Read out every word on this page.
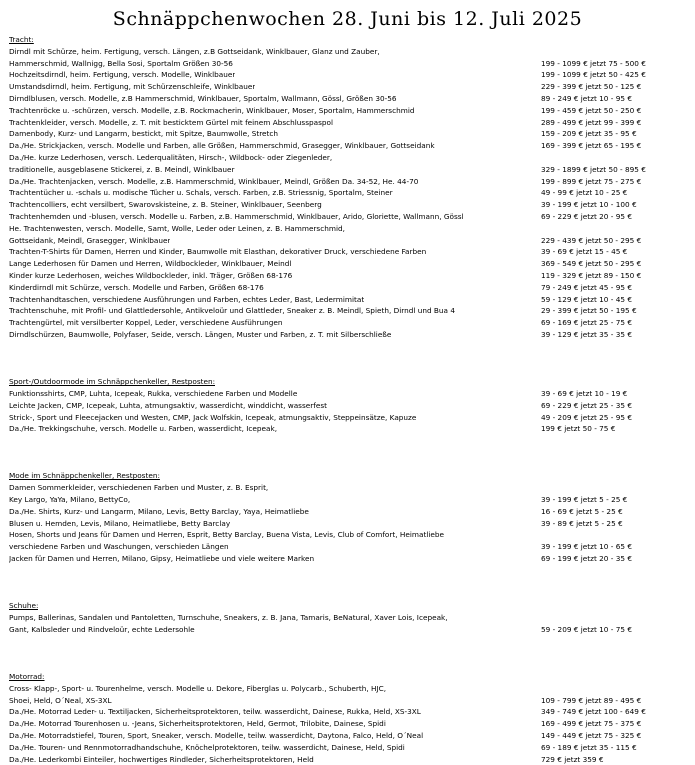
Schnäppchenwochen 28. Juni bis 12. Juli 2025
Tracht:
Dirndl mit Schürze, heim. Fertigung, versch. Längen, z.B Gottseidank, Winklbauer, Glanz und Zauber,
Hammerschmid, Wallnigg, Bella Sosi, Sportalm Größen 30-56	199 - 1099 € jetzt 75 - 500 €
Hochzeitsdirndl, heim. Fertigung, versch. Modelle, Winklbauer	199 - 1099 € jetzt 50 - 425 €
Umstandsdirndl, heim. Fertigung, mit Schürzenschleife, Winklbauer	229 - 399 € jetzt 50 - 125 €
Dirndlblusen, versch. Modelle, z.B Hammerschmid, Winklbauer, Sportalm, Wallmann, Gössl, Größen 30-56	89 - 249 € jetzt 10 - 95 €
Trachtenröcke u. -schürzen, versch. Modelle, z.B. Rockmacherin, Winklbauer, Moser, Sportalm, Hammerschmid	199 - 459 € jetzt 50 - 250 €
Trachtenkleider, versch. Modelle, z. T. mit besticktem Gürtel mit feinem Abschlusspaspol	289 - 499 € jetzt 99 - 399 €
Damenbody, Kurz- und Langarm, bestickt, mit Spitze, Baumwolle, Stretch	159 - 209 € jetzt 35 - 95 €
Da./He. Strickjacken, versch. Modelle und Farben, alle Größen, Hammerschmid, Grasegger, Winklbauer, Gottseidank	169 - 399 € jetzt 65 - 195 €
Da./He. kurze Lederhosen, versch. Lederqualitäten, Hirsch-, Wildbock- oder Ziegenleder,
traditionelle, ausgeblasene Stickerei, z. B. Meindl, Winklbauer	329 - 1899 € jetzt 50 - 895 €
Da./He. Trachtenjacken, versch. Modelle, z.B. Hammerschmid, Winklbauer, Meindl, Größen Da. 34-52, He. 44-70	199 - 899 € jetzt 75 - 275 €
Trachtentücher u. -schals u. modische Tücher u. Schals, versch. Farben, z.B. Striessnig, Sportalm, Steiner	49 - 99 € jetzt 10 - 25 €
Trachtencolliers, echt versilbert, Swarovskisteine, z. B. Steiner, Winklbauer, Seenberg	39 - 199 € jetzt 10 - 100 €
Trachtenhemden und -blusen, versch. Modelle u. Farben, z.B. Hammerschmid, Winklbauer, Arido, Gloriette, Wallmann, Gössl	69 - 229 € jetzt 20 - 95 €
He. Trachtenwesten, versch. Modelle, Samt, Wolle, Leder oder Leinen, z. B. Hammerschmid,
Gottseidank, Meindl, Grasegger, Winklbauer	229 - 439 € jetzt 50 - 295 €
Trachten-T-Shirts für Damen, Herren und Kinder, Baumwolle mit Elasthan, dekorativer Druck, verschiedene Farben	39 - 69 € jetzt 15 - 45 €
Lange Lederhosen für Damen und Herren, Wildbockleder, Winklbauer, Meindl	369 - 549 € jetzt 50 - 295 €
Kinder kurze Lederhosen, weiches Wildbockleder, inkl. Träger, Größen 68-176	119 - 329 € jetzt 89 - 150 €
Kinderdirndl mit Schürze, versch. Modelle und Farben, Größen 68-176	79 - 249 € jetzt 45 - 95 €
Trachtenhandtaschen, verschiedene Ausführungen und Farben, echtes Leder, Bast, Ledermimitat	59 - 129 € jetzt 10 - 45 €
Trachtenschuhe, mit Profil- und Glattledersohle, Antikveloür und Glattleder, Sneaker z. B. Meindl, Spieth, Dirndl und Bua 4	29 - 399 € jetzt 50 - 195 €
Trachtengürtel, mit versilberter Koppel, Leder, verschiedene Ausführungen	69 - 169 € jetzt 25 - 75 €
Dirndlschürzen, Baumwolle, Polyfaser, Seide, versch. Längen, Muster und Farben, z. T. mit Silberschließe	39 - 129 € jetzt 35 - 35 €
Sport-/Outdoormode im Schnäppchenkeller, Restposten:
Funktionsshirts, CMP, Luhta, Icepeak, Rukka, verschiedene Farben und Modelle	39 - 69 € jetzt 10 - 19 €
Leichte Jacken, CMP, Icepeak, Luhta, atmungsaktiv, wasserdicht, winddicht, wasserfest	69 - 229 € jetzt 25 - 35 €
Strick-, Sport und Fleecejacken und Westen, CMP, Jack Wolfskin, Icepeak, atmungsaktiv, Steppeinsätze, Kapuze	49 - 209 € jetzt 25 - 95 €
Da./He. Trekkingschuhe, versch. Modelle u. Farben, wasserdicht, Icepeak,	199 € jetzt 50 - 75 €
Mode im Schnäppchenkeller, Restposten:
Damen Sommerkleider, verschiedenen Farben und Muster, z. B. Esprit,
Key Largo, YaYa, Milano, BettyCo,	39 - 199 € jetzt 5 - 25 €
Da./He. Shirts, Kurz- und Langarm, Milano, Levis, Betty Barclay, Yaya, Heimatliebe	16 - 69 € jetzt 5 - 25 €
Blusen u. Hemden, Levis, Milano, Heimatliebe, Betty Barclay	39 - 89 € jetzt 5 - 25 €
Hosen, Shorts und Jeans für Damen und Herren, Esprit, Betty Barclay, Buena Vista, Levis, Club of Comfort, Heimatliebe
verschiedene Farben und Waschungen, verschieden Längen	39 - 199 € jetzt 10 - 65 €
Jacken für Damen und Herren, Milano, Gipsy, Heimatliebe und viele weitere Marken	69 - 199 € jetzt 20 - 35 €
Schuhe:
Pumps, Ballerinas, Sandalen und Pantoletten, Turnschuhe, Sneakers, z. B. Jana, Tamaris, BeNatural, Xaver Lois, Icepeak,
Gant, Kalbsleder und Rindveloür, echte Ledersohle	59 - 209 € jetzt 10 - 75 €
Motorrad:
Cross- Klapp-, Sport- u. Tourenhelme, versch. Modelle u. Dekore, Fiberglas u. Polycarb., Schuberth, HJC,
Shoei, Held, O´Neal, XS-3XL	109 - 799 € jetzt 89 - 495 €
Da./He. Motorrad Leder- u. Textiljacken, Sicherheitsprotektoren, teilw. wasserdicht, Dainese, Rukka, Held, XS-3XL	349 - 749 € jetzt 100 - 649 €
Da./He. Motorrad Tourenhosen u. -Jeans, Sicherheitsprotektoren, Held, Germot, Trilobite, Dainese, Spidi	169 - 499 € jetzt 75 - 375 €
Da./He. Motorradstiefel, Touren, Sport, Sneaker, versch. Modelle, teilw. wasserdicht, Daytona, Falco, Held, O´Neal	149 - 449 € jetzt 75 - 325 €
Da./He. Touren- und Rennmotorradhandschuhe, Knöchelprotektoren, teilw. wasserdicht, Dainese, Held, Spidi	69 - 189 € jetzt 35 - 115 €
Da./He. Lederkombi Einteiler, hochwertiges Rindleder, Sicherheitsprotektoren, Held	729 € jetzt 359 €
